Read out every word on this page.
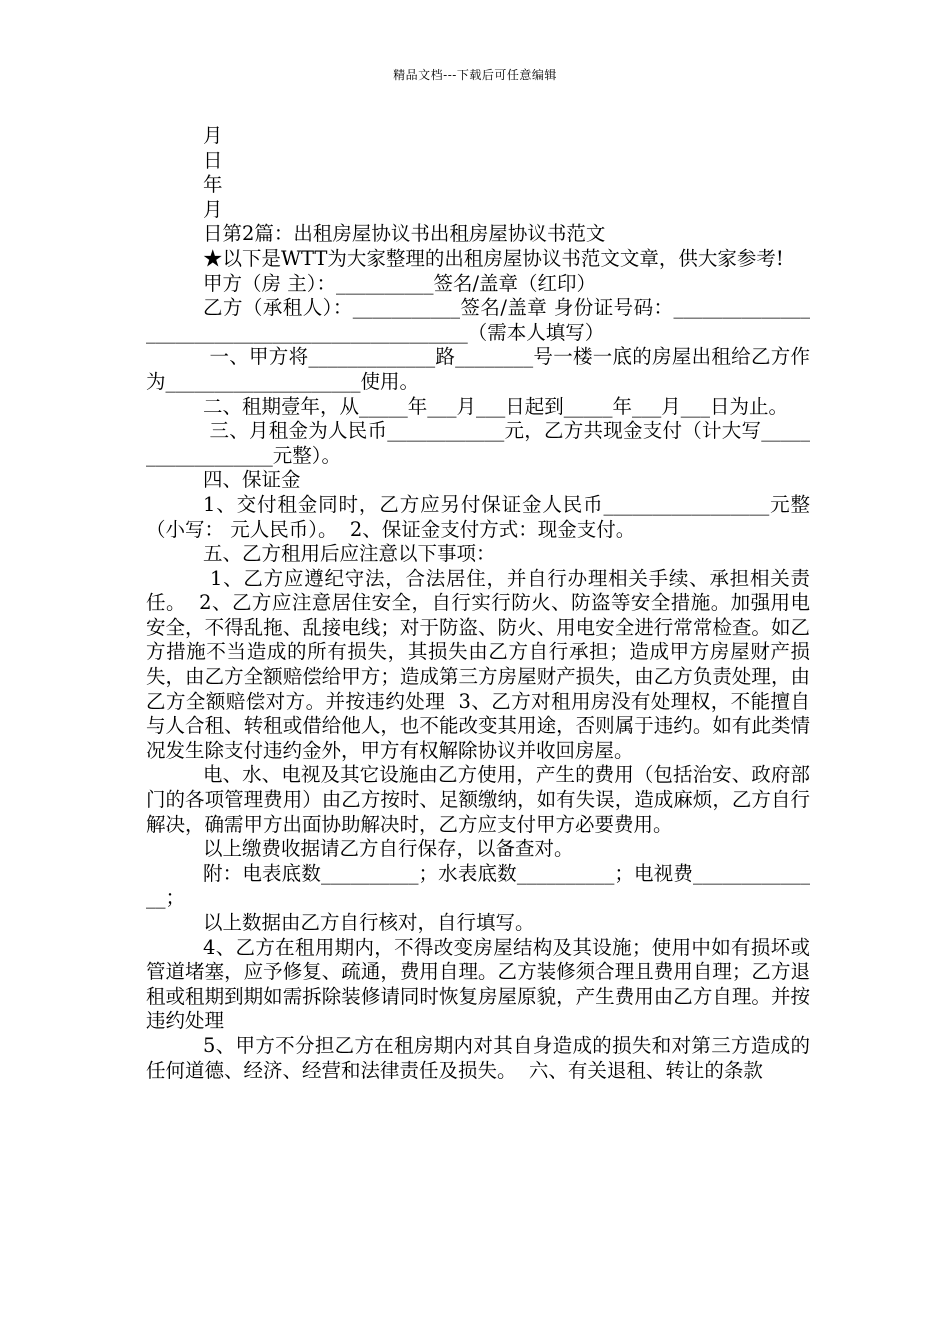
精品文档---下载后可任意编辑

月

日

年

月

日第2篇：出租房屋协议书出租房屋协议书范文

★以下是WTT为大家整理的出租房屋协议书范文文章，供大家参考!

甲方（房 主）：__________签名/盖章（红印）

乙方（承租人）：___________签名/盖章 身份证号码：_______________________________________________（需本人填写）

一、甲方将_____________路________号一楼一底的房屋出租给乙方作为____________________使用。

二、租期壹年，从_____年___月___日起到_____年___月___日为止。

三、月租金为人民币____________元，乙方共现金支付（计大写__________________元整）。

四、保证金

1、交付租金同时，乙方应另付保证金人民币_________________元整（小写： 元人民币）。  2、保证金支付方式：现金支付。

五、乙方租用后应注意以下事项：

1、乙方应遵纪守法，合法居住，并自行办理相关手续、承担相关责任。  2、乙方应注意居住安全，自行实行防火、防盗等安全措施。加强用电安全，不得乱拖、乱接电线；对于防盗、防火、用电安全进行常常检查。如乙方措施不当造成的所有损失，其损失由乙方自行承担；造成甲方房屋财产损失，由乙方全额赔偿给甲方；造成第三方房屋财产损失，由乙方负责处理，由乙方全额赔偿对方。并按违约处理  3、乙方对租用房没有处理权，不能擅自与人合租、转租或借给他人，也不能改变其用途，否则属于违约。如有此类情况发生除支付违约金外，甲方有权解除协议并收回房屋。

电、水、电视及其它设施由乙方使用，产生的费用（包括治安、政府部门的各项管理费用）由乙方按时、足额缴纳，如有失误，造成麻烦，乙方自行解决，确需甲方出面协助解决时，乙方应支付甲方必要费用。

以上缴费收据请乙方自行保存，以备查对。

附：电表底数__________；水表底数__________；电视费______________；

以上数据由乙方自行核对，自行填写。

4、乙方在租用期内，不得改变房屋结构及其设施；使用中如有损坏或管道堵塞，应予修复、疏通，费用自理。乙方装修须合理且费用自理；乙方退租或租期到期如需拆除装修请同时恢复房屋原貌，产生费用由乙方自理。并按违约处理

5、甲方不分担乙方在租房期内对其自身造成的损失和对第三方造成的任何道德、经济、经营和法律责任及损失。  六、有关退租、转让的条款
